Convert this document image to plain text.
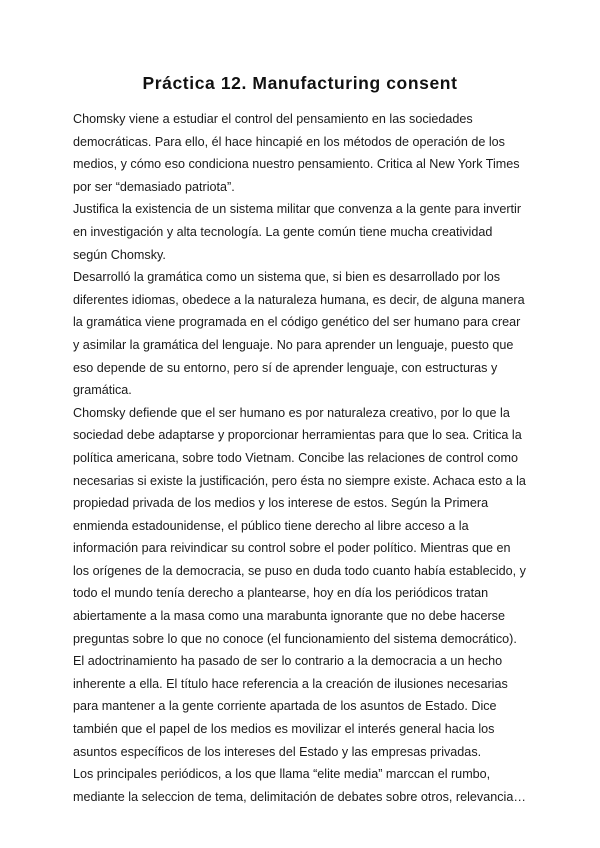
Práctica 12. Manufacturing consent

Chomsky viene a estudiar el control del pensamiento en las sociedades democráticas. Para ello, él hace hincapié en los métodos de operación de los medios, y cómo eso condiciona nuestro pensamiento. Critica al New York Times por ser “demasiado patriota”.

Justifica la existencia de un sistema militar que convenza a la gente para invertir en investigación y alta tecnología. La gente común tiene mucha creatividad según Chomsky.

Desarrolló la gramática como un sistema que, si bien es desarrollado por los diferentes idiomas, obedece a la naturaleza humana, es decir, de alguna manera la gramática viene programada en el código genético del ser humano para crear y asimilar la gramática del lenguaje. No para aprender un lenguaje, puesto que eso depende de su entorno, pero sí de aprender lenguaje, con estructuras y gramática.

Chomsky defiende que el ser humano es por naturaleza creativo, por lo que la sociedad debe adaptarse y proporcionar herramientas para que lo sea. Critica la política americana, sobre todo Vietnam. Concibe las relaciones de control como necesarias si existe la justificación, pero ésta no siempre existe. Achaca esto a la propiedad privada de los medios y los interese de estos. Según la Primera enmienda estadounidense, el público tiene derecho al libre acceso a la información para reivindicar su control sobre el poder político. Mientras que en los orígenes de la democracia, se puso en duda todo cuanto había establecido, y todo el mundo tenía derecho a plantearse, hoy en día los periódicos tratan abiertamente a la masa como una marabunta ignorante que no debe hacerse preguntas sobre lo que no conoce (el funcionamiento del sistema democrático). El adoctrinamiento ha pasado de ser lo contrario a la democracia a un hecho inherente a ella. El título hace referencia a la creación de ilusiones necesarias para mantener a la gente corriente apartada de los asuntos de Estado. Dice también que el papel de los medios es movilizar el interés general hacia los asuntos específicos de los intereses del Estado y las empresas privadas.

Los principales periódicos, a los que llama “elite media” marccan el rumbo, mediante la seleccion de tema, delimitación de debates sobre otros, relevancia…
